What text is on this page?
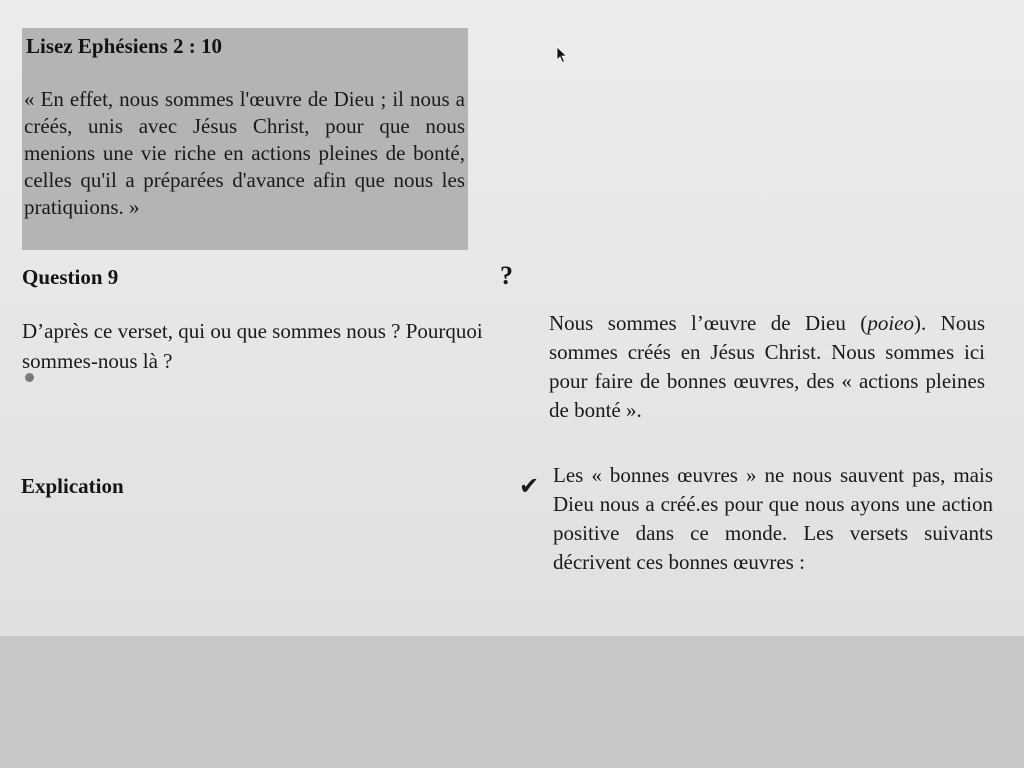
Lisez Ephésiens 2 : 10
« En effet, nous sommes l'œuvre de Dieu ; il nous a créés, unis avec Jésus Christ, pour que nous menions une vie riche en actions pleines de bonté, celles qu'il a préparées d'avance afin que nous les pratiquions. »
Question 9	?
D’après ce verset, qui ou que sommes nous ? Pourquoi sommes-nous là ?
Nous sommes l’œuvre de Dieu (poieo). Nous sommes créés en Jésus Christ. Nous sommes ici pour faire de bonnes œuvres, des « actions pleines de bonté ».
Explication	✔ Les « bonnes œuvres » ne nous sauvent pas, mais Dieu nous a créé.es pour que nous ayons une action positive dans ce monde. Les versets suivants décrivent ces bonnes œuvres :
